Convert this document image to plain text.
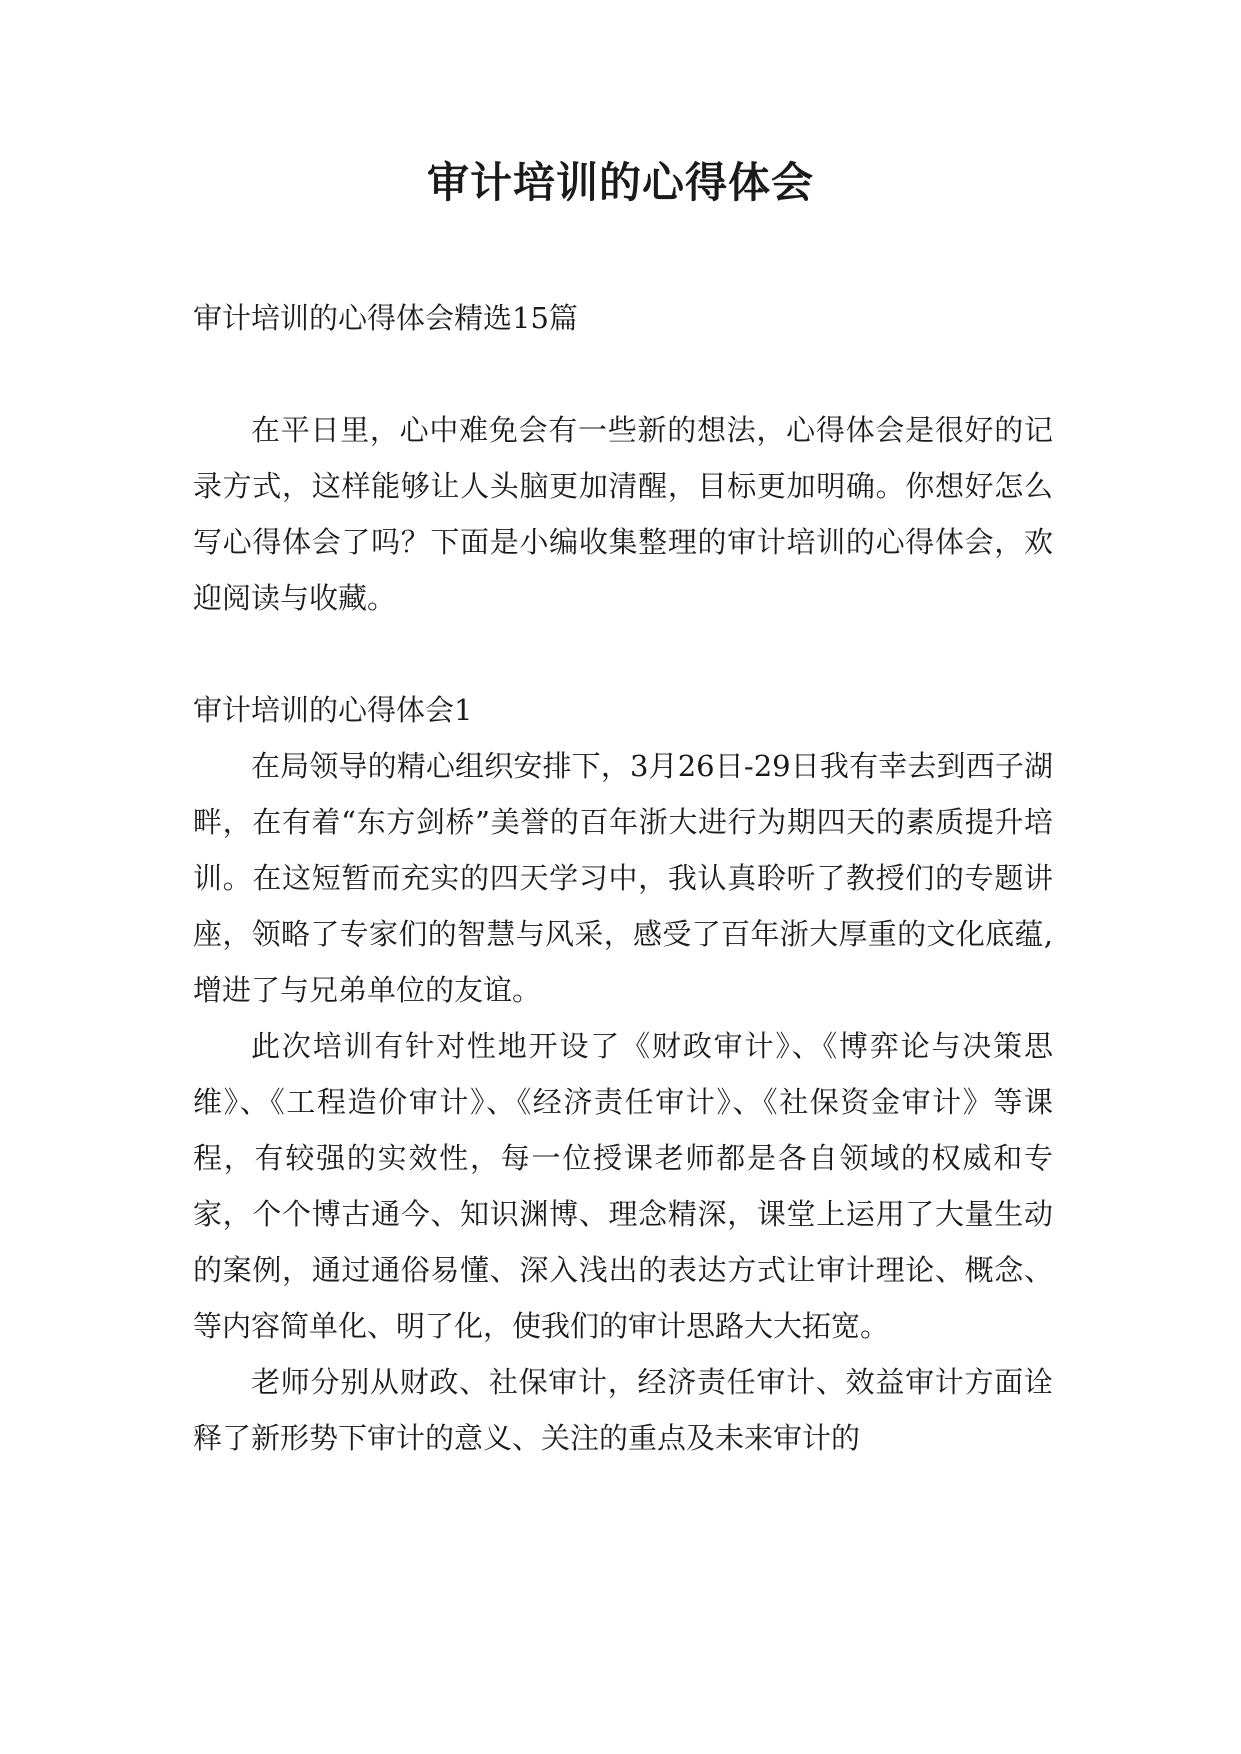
审计培训的心得体会

审计培训的心得体会精选15篇

在平日里，心中难免会有一些新的想法，心得体会是很好的记录方式，这样能够让人头脑更加清醒，目标更加明确。你想好怎么写心得体会了吗？下面是小编收集整理的审计培训的心得体会，欢迎阅读与收藏。

审计培训的心得体会1

在局领导的精心组织安排下，3月26日-29日我有幸去到西子湖畔，在有着“东方剑桥”美誉的百年浙大进行为期四天的素质提升培训。在这短暂而充实的四天学习中，我认真聆听了教授们的专题讲座，领略了专家们的智慧与风采，感受了百年浙大厚重的文化底蕴,增进了与兄弟单位的友谊。

此次培训有针对性地开设了《财政审计》、《博弈论与决策思维》、《工程造价审计》、《经济责任审计》、《社保资金审计》等课程，有较强的实效性，每一位授课老师都是各自领域的权威和专家，个个博古通今、知识渊博、理念精深，课堂上运用了大量生动的案例，通过通俗易懂、深入浅出的表达方式让审计理论、概念、等内容简单化、明了化，使我们的审计思路大大拓宽。

老师分别从财政、社保审计，经济责任审计、效益审计方面诠释了新形势下审计的意义、关注的重点及未来审计的
